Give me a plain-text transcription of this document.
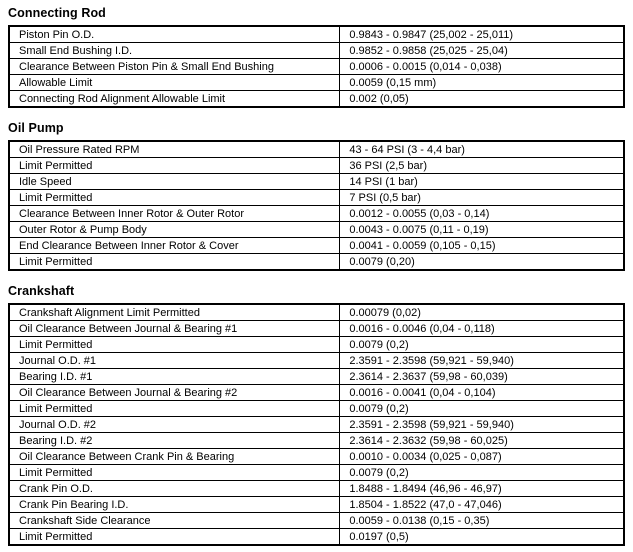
Connecting Rod
Piston Pin O.D.	0.9843 - 0.9847 (25,002 - 25,011)
Small End Bushing I.D.	0.9852 - 0.9858 (25,025 - 25,04)
Clearance Between Piston Pin & Small End Bushing	0.0006 - 0.0015 (0,014 - 0,038)
Allowable Limit	0.0059 (0,15 mm)
Connecting Rod Alignment Allowable Limit	0.002 (0,05)
Oil Pump
Oil Pressure Rated RPM	43 - 64 PSI (3 - 4,4 bar)
Limit Permitted	36 PSI (2,5 bar)
Idle Speed	14 PSI (1 bar)
Limit Permitted	7 PSI (0,5 bar)
Clearance Between Inner Rotor & Outer Rotor	0.0012 - 0.0055 (0,03 - 0,14)
Outer Rotor & Pump Body	0.0043 - 0.0075 (0,11 - 0,19)
End Clearance Between Inner Rotor & Cover	0.0041 - 0.0059 (0,105 - 0,15)
Limit Permitted	0.0079 (0,20)
Crankshaft
Crankshaft Alignment Limit Permitted	0.00079 (0,02)
Oil Clearance Between Journal & Bearing #1	0.0016 - 0.0046 (0,04 - 0,118)
Limit Permitted	0.0079 (0,2)
Journal O.D. #1	2.3591 - 2.3598 (59,921 - 59,940)
Bearing I.D. #1	2.3614 - 2.3637 (59,98 - 60,039)
Oil Clearance Between Journal & Bearing #2	0.0016 - 0.0041 (0,04 - 0,104)
Limit Permitted	0.0079 (0,2)
Journal O.D. #2	2.3591 - 2.3598 (59,921 - 59,940)
Bearing I.D. #2	2.3614 - 2.3632 (59,98 - 60,025)
Oil Clearance Between Crank Pin & Bearing	0.0010 - 0.0034 (0,025 - 0,087)
Limit Permitted	0.0079 (0,2)
Crank Pin O.D.	1.8488 - 1.8494 (46,96 - 46,97)
Crank Pin Bearing I.D.	1.8504 - 1.8522 (47,0 - 47,046)
Crankshaft Side Clearance	0.0059 - 0.0138 (0,15 - 0,35)
Limit Permitted	0.0197 (0,5)
